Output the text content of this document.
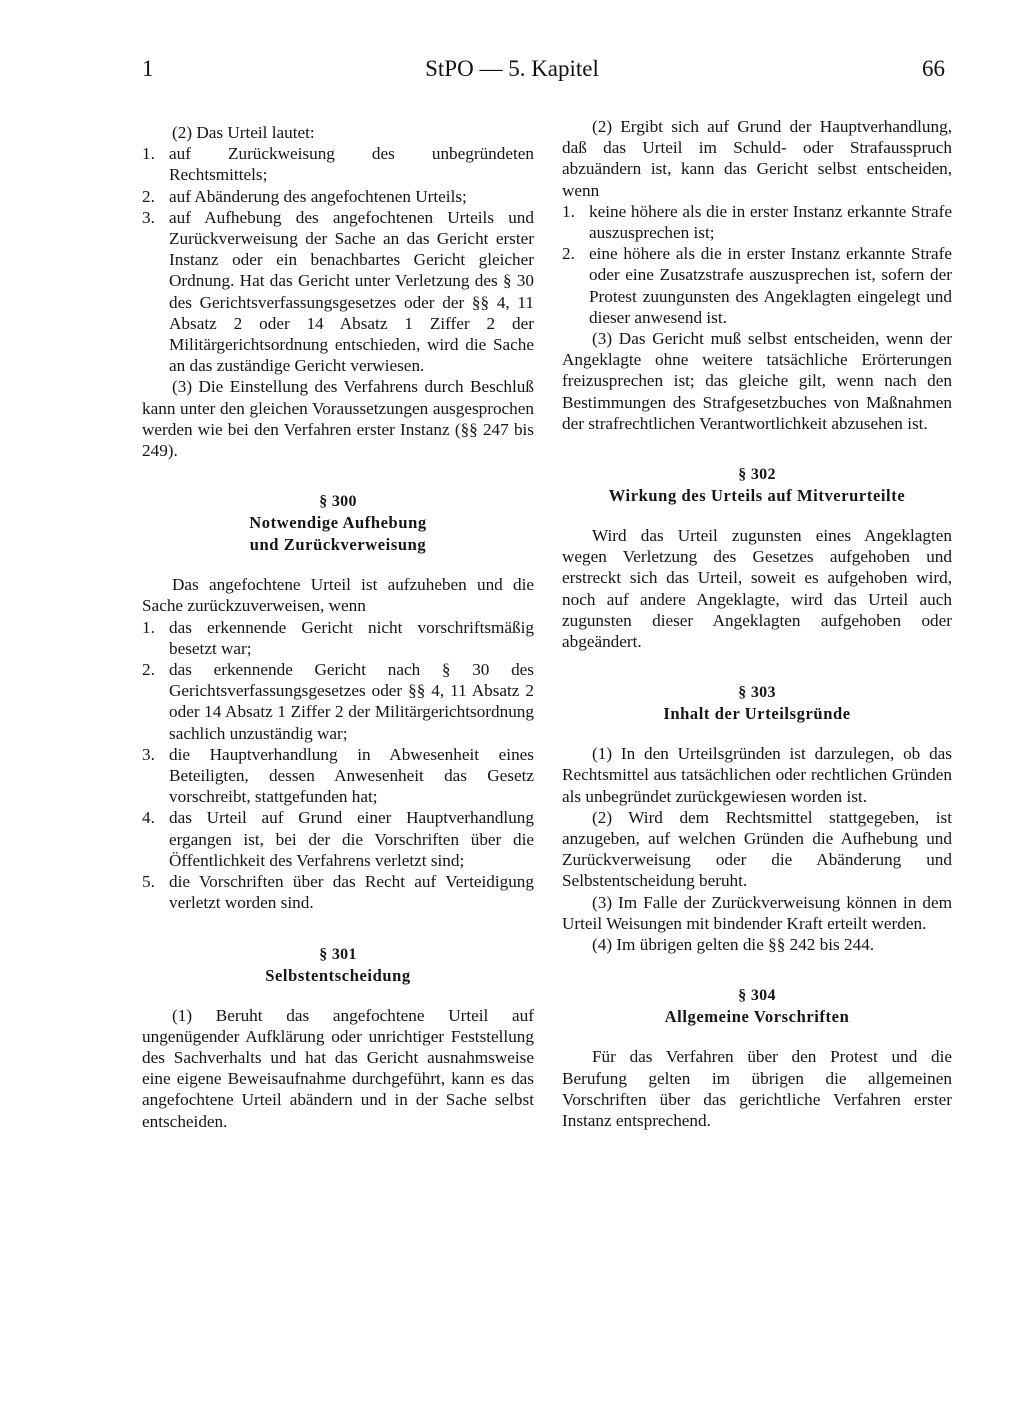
1	StPO — 5. Kapitel	66

(2) Das Urteil lautet:

1. auf Zurückweisung des unbegründeten Rechtsmittels;
2. auf Abänderung des angefochtenen Urteils;
3. auf Aufhebung des angefochtenen Urteils und Zurückverweisung der Sache an das Gericht erster Instanz oder ein benachbartes Gericht gleicher Ordnung. Hat das Gericht unter Verletzung des § 30 des Gerichtsverfassungsgesetzes oder der §§ 4, 11 Absatz 2 oder 14 Absatz 1 Ziffer 2 der Militärgerichtsordnung entschieden, wird die Sache an das zuständige Gericht verwiesen.

(3) Die Einstellung des Verfahrens durch Beschluß kann unter den gleichen Voraussetzungen ausgesprochen werden wie bei den Verfahren erster Instanz (§§ 247 bis 249).

§ 300
Notwendige Aufhebung
und Zurückverweisung

Das angefochtene Urteil ist aufzuheben und die Sache zurückzuverweisen, wenn

1. das erkennende Gericht nicht vorschriftsmäßig besetzt war;
2. das erkennende Gericht nach § 30 des Gerichtsverfassungsgesetzes oder §§ 4, 11 Absatz 2 oder 14 Absatz 1 Ziffer 2 der Militärgerichtsordnung sachlich unzuständig war;
3. die Hauptverhandlung in Abwesenheit eines Beteiligten, dessen Anwesenheit das Gesetz vorschreibt, stattgefunden hat;
4. das Urteil auf Grund einer Hauptverhandlung ergangen ist, bei der die Vorschriften über die Öffentlichkeit des Verfahrens verletzt sind;
5. die Vorschriften über das Recht auf Verteidigung verletzt worden sind.
§ 301
Selbstentscheidung

(1) Beruht das angefochtene Urteil auf ungenügender Aufklärung oder unrichtiger Feststellung des Sachverhalts und hat das Gericht ausnahmsweise eine eigene Beweisaufnahme durchgeführt, kann es das angefochtene Urteil abändern und in der Sache selbst entscheiden.

(2) Ergibt sich auf Grund der Hauptverhandlung, daß das Urteil im Schuld- oder Strafausspruch abzuändern ist, kann das Gericht selbst entscheiden, wenn

1. keine höhere als die in erster Instanz erkannte Strafe auszusprechen ist;
2. eine höhere als die in erster Instanz erkannte Strafe oder eine Zusatzstrafe auszusprechen ist, sofern der Protest zuungunsten des Angeklagten eingelegt und dieser anwesend ist.

(3) Das Gericht muß selbst entscheiden, wenn der Angeklagte ohne weitere tatsächliche Erörterungen freizusprechen ist; das gleiche gilt, wenn nach den Bestimmungen des Strafgesetzbuches von Maßnahmen der strafrechtlichen Verantwortlichkeit abzusehen ist.

§ 302
Wirkung des Urteils auf Mitverurteilte

Wird das Urteil zugunsten eines Angeklagten wegen Verletzung des Gesetzes aufgehoben und erstreckt sich das Urteil, soweit es aufgehoben wird, noch auf andere Angeklagte, wird das Urteil auch zugunsten dieser Angeklagten aufgehoben oder abgeändert.

§ 303
Inhalt der Urteilsgründe

(1) In den Urteilsgründen ist darzulegen, ob das Rechtsmittel aus tatsächlichen oder rechtlichen Gründen als unbegründet zurückgewiesen worden ist.

(2) Wird dem Rechtsmittel stattgegeben, ist anzugeben, auf welchen Gründen die Aufhebung und Zurückverweisung oder die Abänderung und Selbstentscheidung beruht.

(3) Im Falle der Zurückverweisung können in dem Urteil Weisungen mit bindender Kraft erteilt werden.

(4) Im übrigen gelten die §§ 242 bis 244.

§ 304
Allgemeine Vorschriften

Für das Verfahren über den Protest und die Berufung gelten im übrigen die allgemeinen Vorschriften über das gerichtliche Verfahren erster Instanz entsprechend.
